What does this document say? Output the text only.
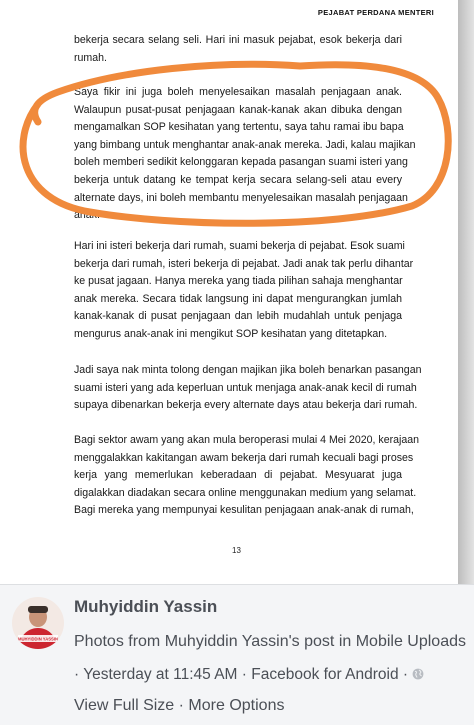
PEJABAT PERDANA MENTERI
bekerja secara selang seli. Hari ini masuk pejabat, esok bekerja dari
rumah.
Saya fikir ini juga boleh menyelesaikan masalah penjagaan anak.
Walaupun pusat-pusat penjagaan kanak-kanak akan dibuka dengan
mengamalkan SOP kesihatan yang tertentu, saya tahu ramai ibu bapa
yang bimbang untuk menghantar anak-anak mereka. Jadi, kalau majikan
boleh memberi sedikit kelonggaran kepada pasangan suami isteri yang
bekerja untuk datang ke tempat kerja secara selang-seli atau every
alternate days, ini boleh membantu menyelesaikan masalah penjagaan
anak.
Hari ini isteri bekerja dari rumah, suami bekerja di pejabat. Esok suami
bekerja dari rumah, isteri bekerja di pejabat. Jadi anak tak perlu dihantar
ke pusat jagaan. Hanya mereka yang tiada pilihan sahaja menghantar
anak mereka. Secara tidak langsung ini dapat mengurangkan jumlah
kanak-kanak di pusat penjagaan dan lebih mudahlah untuk penjaga
mengurus anak-anak ini mengikut SOP kesihatan yang ditetapkan.
Jadi saya nak minta tolong dengan majikan jika boleh benarkan pasangan
suami isteri yang ada keperluan untuk menjaga anak-anak kecil di rumah
supaya dibenarkan bekerja every alternate days atau bekerja dari rumah.
Bagi sektor awam yang akan mula beroperasi mulai 4 Mei 2020, kerajaan
menggalakkan kakitangan awam bekerja dari rumah kecuali bagi proses
kerja yang memerlukan keberadaan di pejabat. Mesyuarat juga
digalakkan diadakan secara online menggunakan medium yang selamat.
Bagi mereka yang mempunyai kesulitan penjagaan anak-anak di rumah,
13
MUHYIDDIN YASSIN
Muhyiddin Yassin
Photos from Muhyiddin Yassin's post in Mobile Uploads
· Yesterday at 11:45 AM · Facebook for Android ·
View Full Size · More Options
